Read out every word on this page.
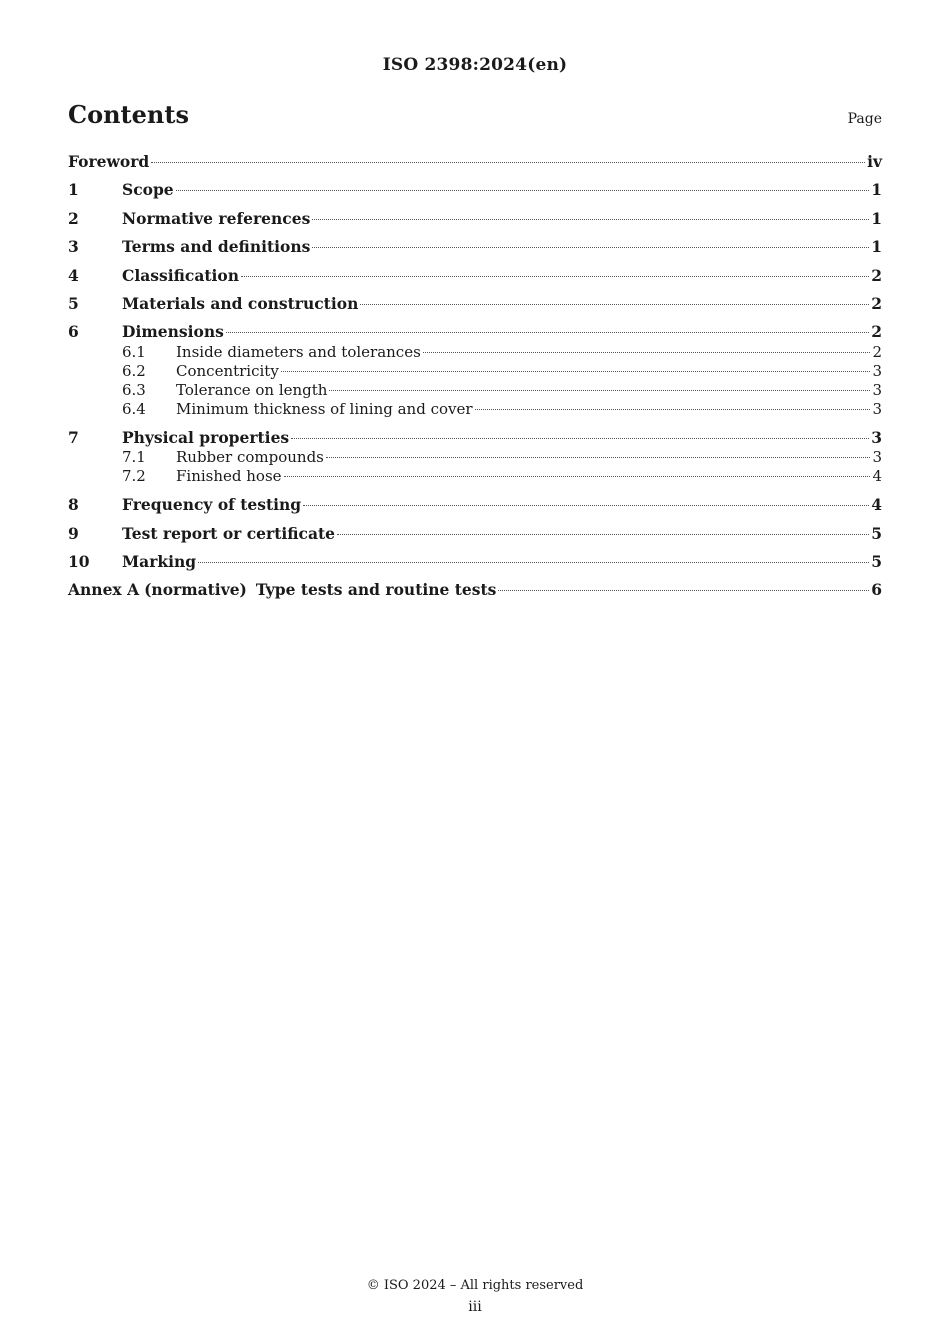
ISO 2398:2024(en)
Contents	Page
Foreword	iv
1	Scope	1
2	Normative references	1
3	Terms and definitions	1
4	Classification	2
5	Materials and construction	2
6	Dimensions	2
6.1	Inside diameters and tolerances	2
6.2	Concentricity	3
6.3	Tolerance on length	3
6.4	Minimum thickness of lining and cover	3
7	Physical properties	3
7.1	Rubber compounds	3
7.2	Finished hose	4
8	Frequency of testing	4
9	Test report or certificate	5
10	Marking	5
Annex A (normative) Type tests and routine tests	6
© ISO 2024 – All rights reserved
iii
